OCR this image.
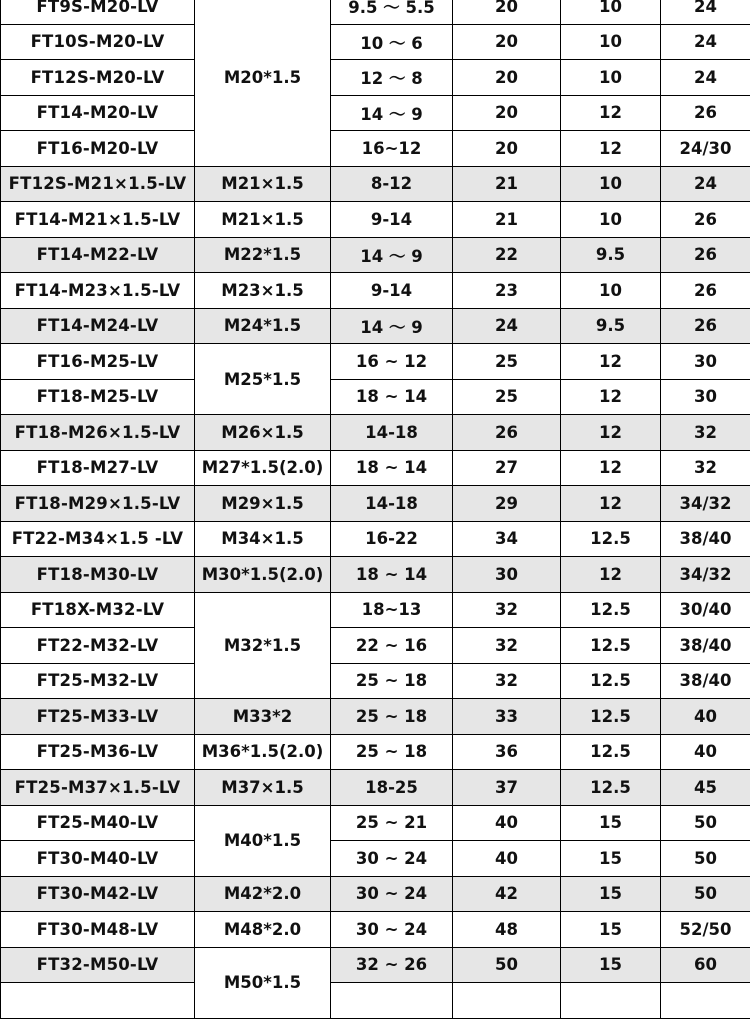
FT9S-M20-LV	M20*1.5	9.5 ～ 5.5	20	10	24
FT10S-M20-LV		10 ～ 6	20	10	24
FT12S-M20-LV		12 ～ 8	20	10	24
FT14-M20-LV		14 ～ 9	20	12	26
FT16-M20-LV		16~12	20	12	24/30
FT12S-M21×1.5-LV	M21×1.5	8-12	21	10	24
FT14-M21×1.5-LV	M21×1.5	9-14	21	10	26
FT14-M22-LV	M22*1.5	14 ～ 9	22	9.5	26
FT14-M23×1.5-LV	M23×1.5	9-14	23	10	26
FT14-M24-LV	M24*1.5	14 ～ 9	24	9.5	26
FT16-M25-LV	M25*1.5	16 ~ 12	25	12	30
FT18-M25-LV		18 ~ 14	25	12	30
FT18-M26×1.5-LV	M26×1.5	14-18	26	12	32
FT18-M27-LV	M27*1.5(2.0)	18 ~ 14	27	12	32
FT18-M29×1.5-LV	M29×1.5	14-18	29	12	34/32
FT22-M34×1.5 -LV	M34×1.5	16-22	34	12.5	38/40
FT18-M30-LV	M30*1.5(2.0)	18 ~ 14	30	12	34/32
FT18X-M32-LV	M32*1.5	18~13	32	12.5	30/40
FT22-M32-LV		22 ~ 16	32	12.5	38/40
FT25-M32-LV		25 ~ 18	32	12.5	38/40
FT25-M33-LV	M33*2	25 ~ 18	33	12.5	40
FT25-M36-LV	M36*1.5(2.0)	25 ~ 18	36	12.5	40
FT25-M37×1.5-LV	M37×1.5	18-25	37	12.5	45
FT25-M40-LV	M40*1.5	25 ~ 21	40	15	50
FT30-M40-LV		30 ~ 24	40	15	50
FT30-M42-LV	M42*2.0	30 ~ 24	42	15	50
FT30-M48-LV	M48*2.0	30 ~ 24	48	15	52/50
FT32-M50-LV	M50*1.5	32 ~ 26	50	15	60
